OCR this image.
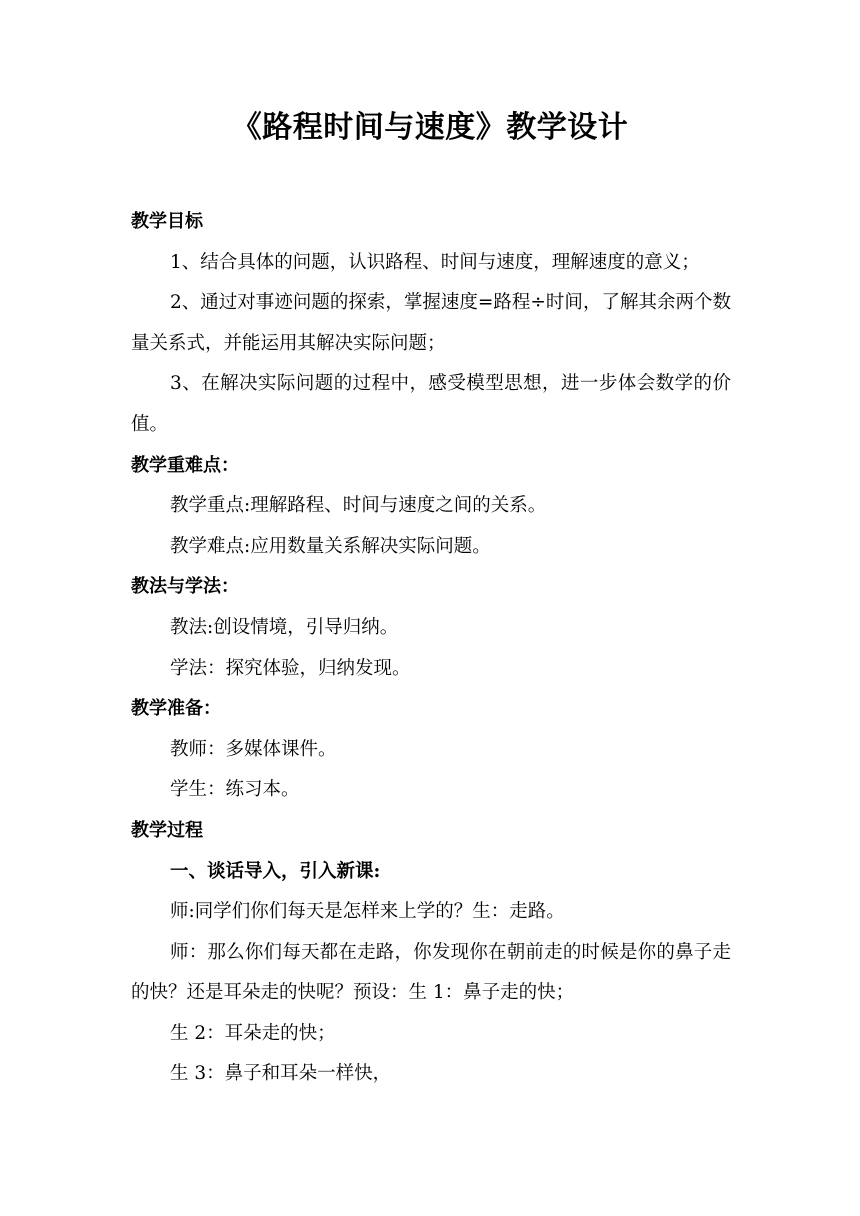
《路程时间与速度》教学设计

教学目标

1、结合具体的问题，认识路程、时间与速度，理解速度的意义；

2、通过对事迹问题的探索，掌握速度=路程÷时间，了解其余两个数量关系式，并能运用其解决实际问题；

3、在解决实际问题的过程中，感受模型思想，进一步体会数学的价值。

教学重难点：

教学重点:理解路程、时间与速度之间的关系。

教学难点:应用数量关系解决实际问题。

教法与学法：

教法:创设情境，引导归纳。

学法：探究体验，归纳发现。

教学准备：

教师：多媒体课件。

学生：练习本。

教学过程

一、谈话导入，引入新课:

师:同学们你们每天是怎样来上学的？生：走路。

师：那么你们每天都在走路，你发现你在朝前走的时候是你的鼻子走的快？还是耳朵走的快呢？预设：生 1：鼻子走的快；

生 2：耳朵走的快；

生 3：鼻子和耳朵一样快，
